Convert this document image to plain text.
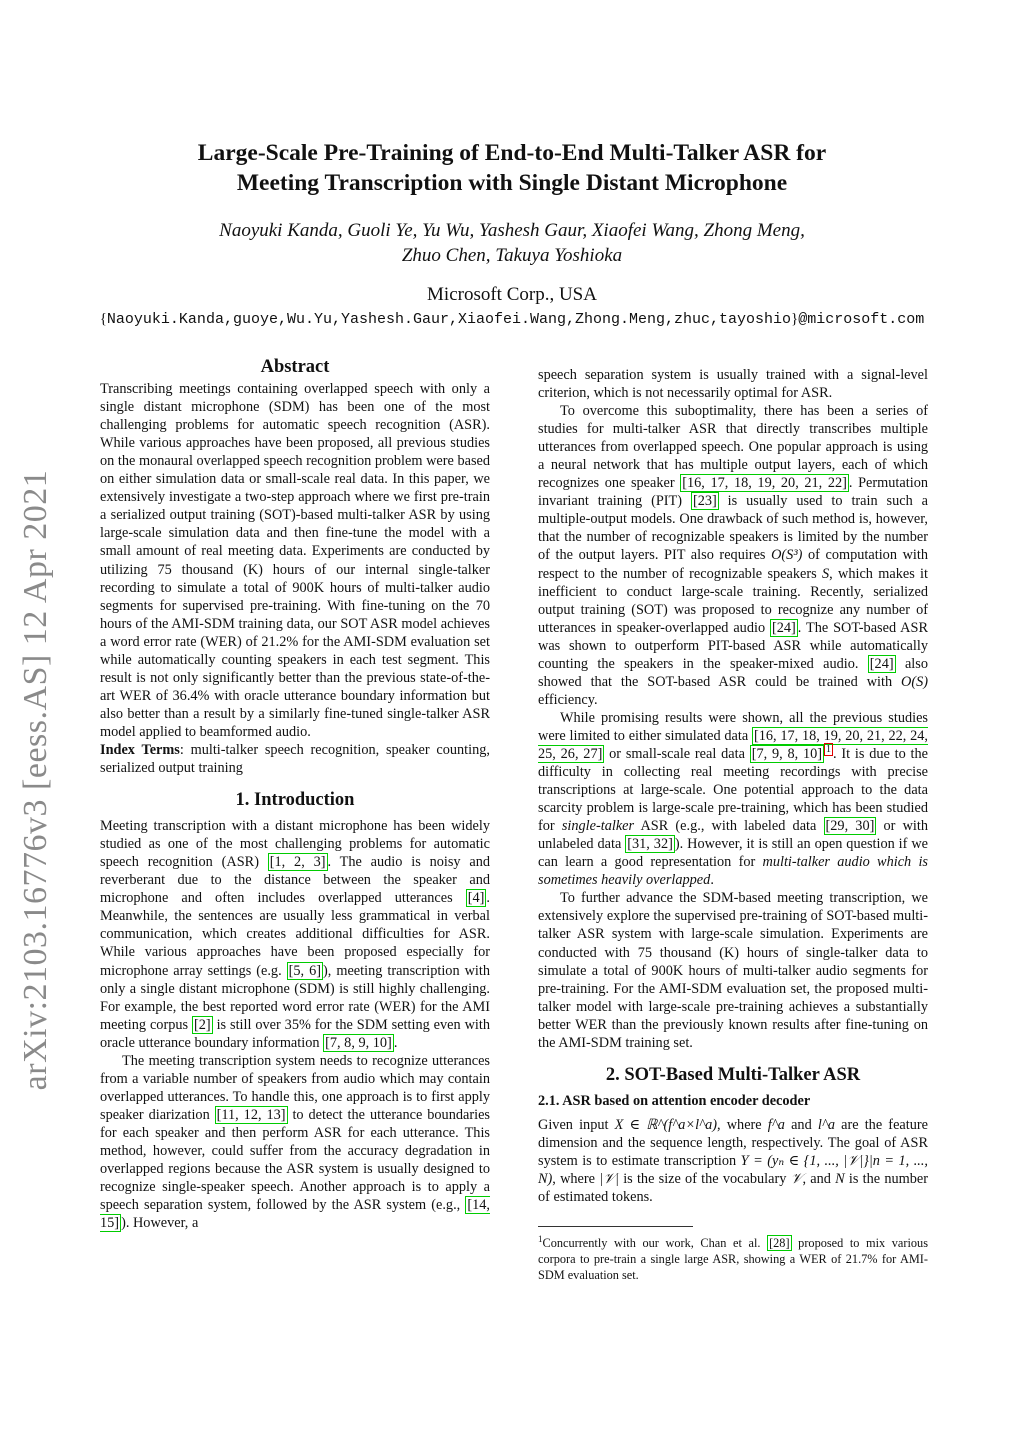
arXiv:2103.16776v3 [eess.AS] 12 Apr 2021
Large-Scale Pre-Training of End-to-End Multi-Talker ASR for
Meeting Transcription with Single Distant Microphone
Naoyuki Kanda, Guoli Ye, Yu Wu, Yashesh Gaur, Xiaofei Wang, Zhong Meng,
Zhuo Chen, Takuya Yoshioka
Microsoft Corp., USA
{Naoyuki.Kanda,guoye,Wu.Yu,Yashesh.Gaur,Xiaofei.Wang,Zhong.Meng,zhuc,tayoshio}@microsoft.com
Abstract

Transcribing meetings containing overlapped speech with only a single distant microphone (SDM) has been one of the most challenging problems for automatic speech recognition (ASR). While various approaches have been proposed, all previous studies on the monaural overlapped speech recognition problem were based on either simulation data or small-scale real data. In this paper, we extensively investigate a two-step approach where we first pre-train a serialized output training (SOT)-based multi-talker ASR by using large-scale simulation data and then fine-tune the model with a small amount of real meeting data. Experiments are conducted by utilizing 75 thousand (K) hours of our internal single-talker recording to simulate a total of 900K hours of multi-talker audio segments for supervised pre-training. With fine-tuning on the 70 hours of the AMI-SDM training data, our SOT ASR model achieves a word error rate (WER) of 21.2% for the AMI-SDM evaluation set while automatically counting speakers in each test segment. This result is not only significantly better than the previous state-of-the-art WER of 36.4% with oracle utterance boundary information but also better than a result by a similarly fine-tuned single-talker ASR model applied to beamformed audio.

Index Terms: multi-talker speech recognition, speaker counting, serialized output training

1. Introduction

Meeting transcription with a distant microphone has been widely studied as one of the most challenging problems for automatic speech recognition (ASR) [1, 2, 3] . The audio is noisy and reverberant due to the distance between the speaker and microphone and often includes overlapped utterances [4] . Meanwhile, the sentences are usually less grammatical in verbal communication, which creates additional difficulties for ASR. While various approaches have been proposed especially for microphone array settings (e.g. [5, 6] ), meeting transcription with only a single distant microphone (SDM) is still highly challenging. For example, the best reported word error rate (WER) for the AMI meeting corpus [2] is still over 35% for the SDM setting even with oracle utterance boundary information [7, 8, 9, 10] .

The meeting transcription system needs to recognize utterances from a variable number of speakers from audio which may contain overlapped utterances. To handle this, one approach is to first apply speaker diarization [11, 12, 13] to detect the utterance boundaries for each speaker and then perform ASR for each utterance. This method, however, could suffer from the accuracy degradation in overlapped regions because the ASR system is usually designed to recognize single-speaker speech. Another approach is to apply a speech separation system, followed by the ASR system (e.g., [14, 15] ). However, a

speech separation system is usually trained with a signal-level criterion, which is not necessarily optimal for ASR.

To overcome this suboptimality, there has been a series of studies for multi-talker ASR that directly transcribes multiple utterances from overlapped speech. One popular approach is using a neural network that has multiple output layers, each of which recognizes one speaker [16, 17, 18, 19, 20, 21, 22] . Permutation invariant training (PIT) [23] is usually used to train such a multiple-output models. One drawback of such method is, however, that the number of recognizable speakers is limited by the number of the output layers. PIT also requires O(S³) of computation with respect to the number of recognizable speakers S, which makes it inefficient to conduct large-scale training. Recently, serialized output training (SOT) was proposed to recognize any number of utterances in speaker-overlapped audio [24] . The SOT-based ASR was shown to outperform PIT-based ASR while automatically counting the speakers in the speaker-mixed audio. [24] also showed that the SOT-based ASR could be trained with O(S) efficiency.

While promising results were shown, all the previous studies were limited to either simulated data [16, 17, 18, 19, 20, 21, 22, 24, 25, 26, 27] or small-scale real data [7, 9, 8, 10] $^1$ . It is due to the difficulty in collecting real meeting recordings with precise transcriptions at large-scale. One potential approach to the data scarcity problem is large-scale pre-training, which has been studied for single-talker ASR (e.g., with labeled data [29, 30] or with unlabeled data [31, 32] ). However, it is still an open question if we can learn a good representation for multi-talker audio which is sometimes heavily overlapped.

To further advance the SDM-based meeting transcription, we extensively explore the supervised pre-training of SOT-based multi-talker ASR system with large-scale simulation. Experiments are conducted with 75 thousand (K) hours of single-talker data to simulate a total of 900K hours of multi-talker audio segments for pre-training. For the AMI-SDM evaluation set, the proposed multi-talker model with large-scale pre-training achieves a substantially better WER than the previously known results after fine-tuning on the AMI-SDM training set.

2. SOT-Based Multi-Talker ASR
2.1. ASR based on attention encoder decoder

Given input X ∈ ℝ^(f^a×l^a), where f^a and l^a are the feature dimension and the sequence length, respectively. The goal of ASR system is to estimate transcription Y = (yₙ ∈ {1, ..., |𝒱|}|n = 1, ..., N), where |𝒱| is the size of the vocabulary 𝒱, and N is the number of estimated tokens.

$^1$Concurrently with our work, Chan et al. [28] proposed to mix various corpora to pre-train a single large ASR, showing a WER of 21.7% for AMI-SDM evaluation set.
